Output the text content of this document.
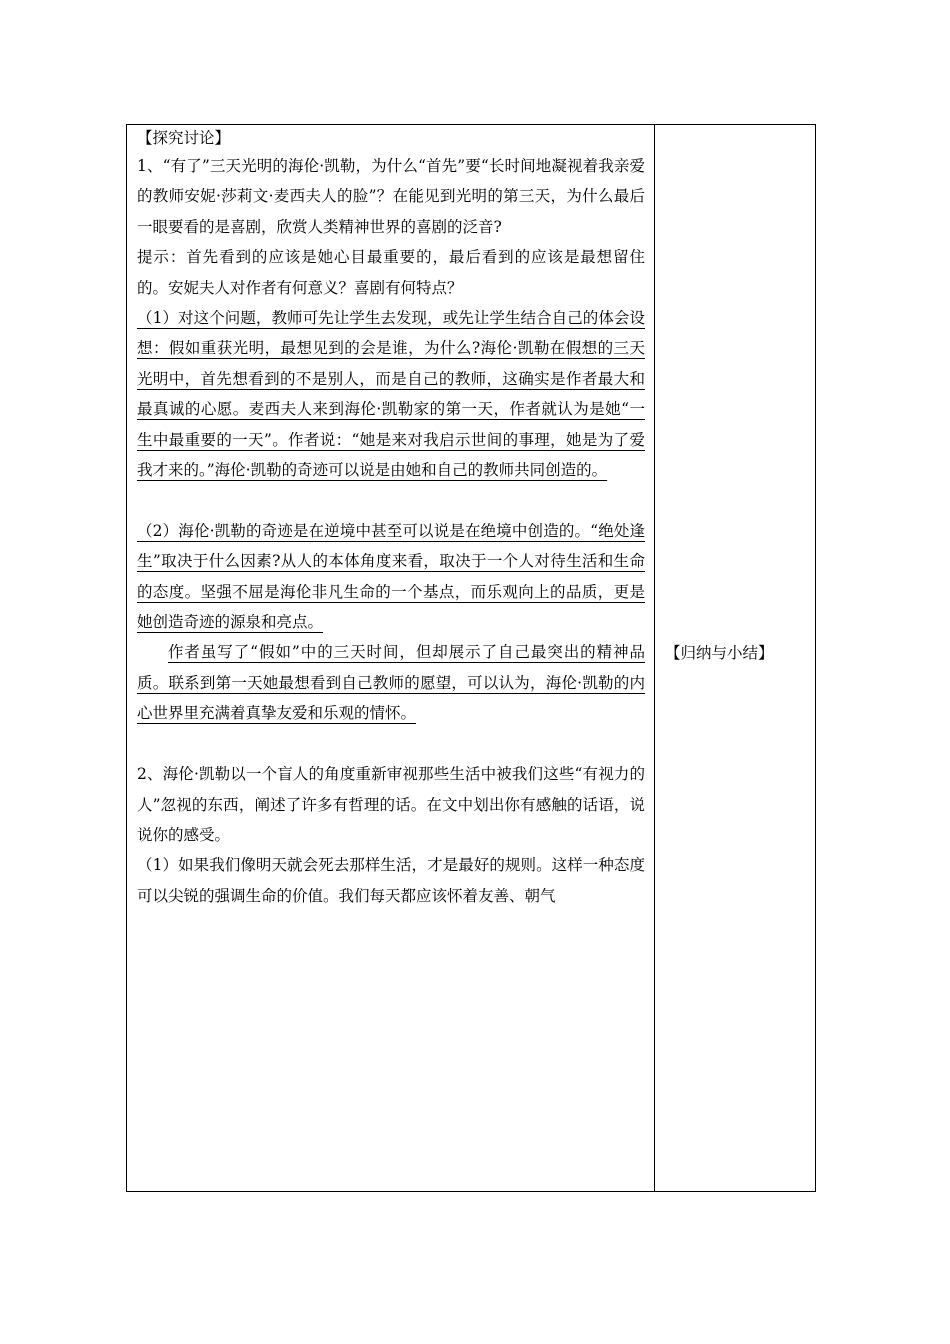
【探究讨论】

1、“有了”三天光明的海伦·凯勒，为什么“首先”要“长时间地凝视着我亲爱的教师安妮·莎莉文·麦西夫人的脸”？在能见到光明的第三天，为什么最后一眼要看的是喜剧，欣赏人类精神世界的喜剧的泛音?

提示：首先看到的应该是她心目最重要的，最后看到的应该是最想留住的。安妮夫人对作者有何意义？喜剧有何特点？

（1）对这个问题，教师可先让学生去发现，或先让学生结合自己的体会设想：假如重获光明，最想见到的会是谁，为什么?海伦·凯勒在假想的三天光明中，首先想看到的不是别人，而是自己的教师，这确实是作者最大和最真诚的心愿。麦西夫人来到海伦·凯勒家的第一天，作者就认为是她“一生中最重要的一天”。作者说：“她是来对我启示世间的事理，她是为了爱我才来的。”海伦·凯勒的奇迹可以说是由她和自己的教师共同创造的。

（2）海伦·凯勒的奇迹是在逆境中甚至可以说是在绝境中创造的。“绝处逢生”取决于什么因素?从人的本体角度来看，取决于一个人对待生活和生命的态度。坚强不屈是海伦非凡生命的一个基点，而乐观向上的品质，更是她创造奇迹的源泉和亮点。

作者虽写了“假如”中的三天时间，但却展示了自己最突出的精神品质。联系到第一天她最想看到自己教师的愿望，可以认为，海伦·凯勒的内心世界里充满着真挚友爱和乐观的情怀。

2、海伦·凯勒以一个盲人的角度重新审视那些生活中被我们这些“有视力的人”忽视的东西，阐述了许多有哲理的话。在文中划出你有感触的话语，说说你的感受。

（1）如果我们像明天就会死去那样生活，才是最好的规则。这样一种态度可以尖锐的强调生命的价值。我们每天都应该怀着友善、朝气

【归纳与小结】
